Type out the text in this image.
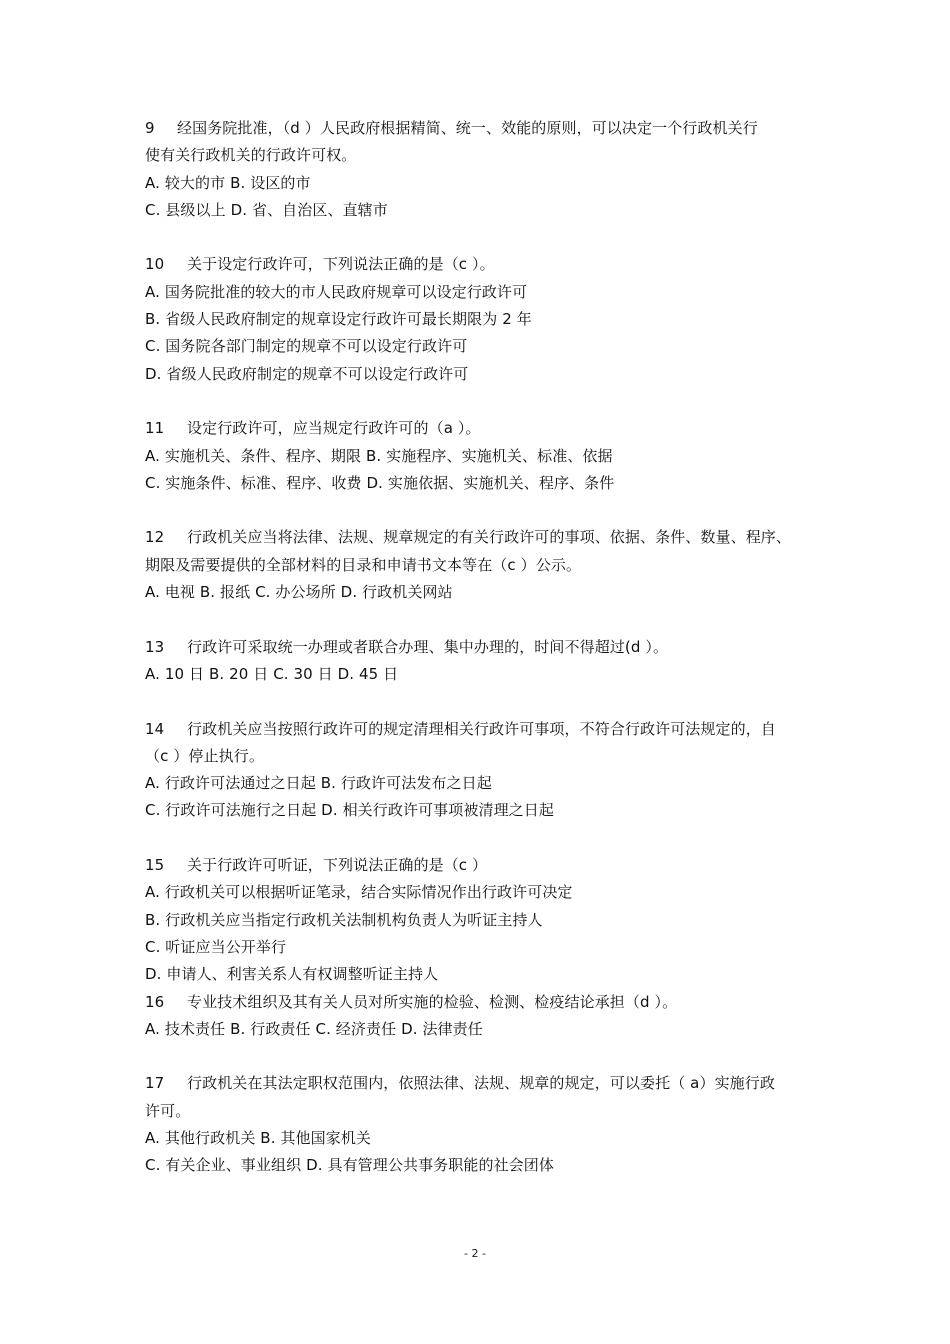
9 经国务院批准，（d ）人民政府根据精简、统一、效能的原则，可以决定一个行政机关行
使有关行政机关的行政许可权。
A. 较大的市 B. 设区的市
C. 县级以上 D. 省、自治区、直辖市
10 关于设定行政许可，下列说法正确的是（c ）。
A. 国务院批准的较大的市人民政府规章可以设定行政许可
B. 省级人民政府制定的规章设定行政许可最长期限为 2 年
C. 国务院各部门制定的规章不可以设定行政许可
D. 省级人民政府制定的规章不可以设定行政许可
11 设定行政许可，应当规定行政许可的（a ）。
A. 实施机关、条件、程序、期限 B. 实施程序、实施机关、标准、依据
C. 实施条件、标准、程序、收费 D. 实施依据、实施机关、程序、条件
12 行政机关应当将法律、法规、规章规定的有关行政许可的事项、依据、条件、数量、程序、
期限及需要提供的全部材料的目录和申请书文本等在（c ）公示。
A. 电视 B. 报纸 C. 办公场所 D. 行政机关网站
13 行政许可采取统一办理或者联合办理、集中办理的，时间不得超过(d ）。
A. 10 日 B. 20 日 C. 30 日 D. 45 日
14 行政机关应当按照行政许可的规定清理相关行政许可事项，不符合行政许可法规定的，自
（c ）停止执行。
A. 行政许可法通过之日起 B. 行政许可法发布之日起
C. 行政许可法施行之日起 D. 相关行政许可事项被清理之日起
15 关于行政许可听证，下列说法正确的是（c ）
A. 行政机关可以根据听证笔录，结合实际情况作出行政许可决定
B. 行政机关应当指定行政机关法制机构负责人为听证主持人
C. 听证应当公开举行
D. 申请人、利害关系人有权调整听证主持人
16 专业技术组织及其有关人员对所实施的检验、检测、检疫结论承担（d ）。
A. 技术责任 B. 行政责任 C. 经济责任 D. 法律责任
17 行政机关在其法定职权范围内，依照法律、法规、规章的规定，可以委托（ a）实施行政
许可。
A. 其他行政机关 B. 其他国家机关
C. 有关企业、事业组织 D. 具有管理公共事务职能的社会团体
- 2 -
